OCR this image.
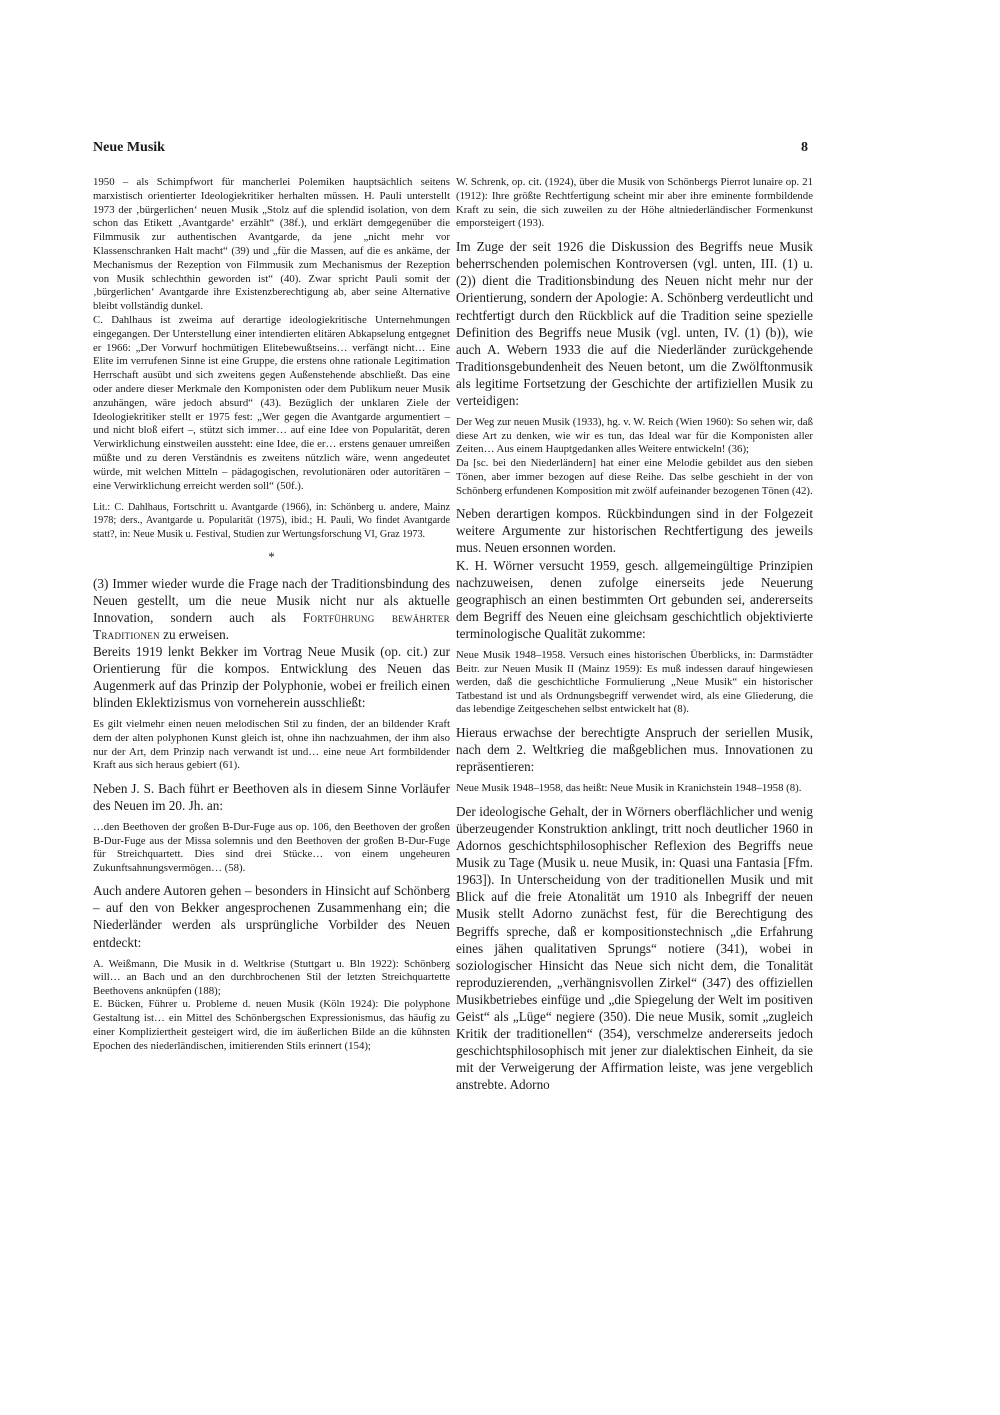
Neue Musik	8

1950 – als Schimpfwort für mancherlei Polemiken hauptsächlich seitens marxistisch orientierter Ideologiekritiker herhalten müssen. H. Pauli unterstellt 1973 der ‚bürgerlichen‘ neuen Musik „Stolz auf die splendid isolation, von dem schon das Etikett ‚Avantgarde‘ erzählt“ (38f.), und erklärt demgegenüber die Filmmusik zur authentischen Avantgarde, da jene „nicht mehr vor Klassenschranken Halt macht“ (39) und „für die Massen, auf die es ankäme, der Mechanismus der Rezeption von Filmmusik zum Mechanismus der Rezeption von Musik schlechthin geworden ist“ (40). Zwar spricht Pauli somit der ‚bürgerlichen‘ Avantgarde ihre Existenzberechtigung ab, aber seine Alternative bleibt vollständig dunkel.

C. Dahlhaus ist zweima auf derartige ideologiekritische Unternehmungen eingegangen. Der Unterstellung einer intendierten elitären Abkapselung entgegnet er 1966: „Der Vorwurf hochmütigen Elitebewußtseins… verfängt nicht… Eine Elite im verrufenen Sinne ist eine Gruppe, die erstens ohne rationale Legitimation Herrschaft ausübt und sich zweitens gegen Außenstehende abschließt. Das eine oder andere dieser Merkmale den Komponisten oder dem Publikum neuer Musik anzuhängen, wäre jedoch absurd“ (43). Bezüglich der unklaren Ziele der Ideologiekritiker stellt er 1975 fest: „Wer gegen die Avantgarde argumentiert – und nicht bloß eifert –, stützt sich immer… auf eine Idee von Popularität, deren Verwirklichung einstweilen aussteht: eine Idee, die er… erstens genauer umreißen müßte und zu deren Verständnis es zweitens nützlich wäre, wenn angedeutet würde, mit welchen Mitteln – pädagogischen, revolutionären oder autoritären – eine Verwirklichung erreicht werden soll“ (50f.).

Lit.: C. Dahlhaus, Fortschritt u. Avantgarde (1966), in: Schönberg u. andere, Mainz 1978; ders., Avantgarde u. Popularität (1975), ibid.; H. Pauli, Wo findet Avantgarde statt?, in: Neue Musik u. Festival, Studien zur Wertungsforschung VI, Graz 1973.

*

(3) Immer wieder wurde die Frage nach der Traditionsbindung des Neuen gestellt, um die neue Musik nicht nur als aktuelle Innovation, sondern auch als Fortführung bewährter Traditionen zu erweisen.

Bereits 1919 lenkt Bekker im Vortrag Neue Musik (op. cit.) zur Orientierung für die kompos. Entwicklung des Neuen das Augenmerk auf das Prinzip der Polyphonie, wobei er freilich einen blinden Eklektizismus von vorneherein ausschließt:

Es gilt vielmehr einen neuen melodischen Stil zu finden, der an bildender Kraft dem der alten polyphonen Kunst gleich ist, ohne ihn nachzuahmen, der ihm also nur der Art, dem Prinzip nach verwandt ist und… eine neue Art formbildender Kraft aus sich heraus gebiert (61).

Neben J. S. Bach führt er Beethoven als in diesem Sinne Vorläufer des Neuen im 20. Jh. an:

…den Beethoven der großen B-Dur-Fuge aus op. 106, den Beethoven der großen B-Dur-Fuge aus der Missa solemnis und den Beethoven der großen B-Dur-Fuge für Streichquartett. Dies sind drei Stücke… von einem ungeheuren Zukunftsahnungsvermögen… (58).

Auch andere Autoren gehen – besonders in Hinsicht auf Schönberg – auf den von Bekker angesprochenen Zusammenhang ein; die Niederländer werden als ursprüngliche Vorbilder des Neuen entdeckt:

A. Weißmann, Die Musik in d. Weltkrise (Stuttgart u. Bln 1922): Schönberg will… an Bach und an den durchbrochenen Stil der letzten Streichquartette Beethovens anknüpfen (188);

E. Bücken, Führer u. Probleme d. neuen Musik (Köln 1924): Die polyphone Gestaltung ist… ein Mittel des Schönbergschen Expressionismus, das häufig zu einer Kompliziertheit gesteigert wird, die im äußerlichen Bilde an die kühnsten Epochen des niederländischen, imitierenden Stils erinnert (154);

W. Schrenk, op. cit. (1924), über die Musik von Schönbergs Pierrot lunaire op. 21 (1912): Ihre größte Rechtfertigung scheint mir aber ihre eminente formbildende Kraft zu sein, die sich zuweilen zu der Höhe altniederländischer Formenkunst emporsteigert (193).

Im Zuge der seit 1926 die Diskussion des Begriffs neue Musik beherrschenden polemischen Kontroversen (vgl. unten, III. (1) u. (2)) dient die Traditionsbindung des Neuen nicht mehr nur der Orientierung, sondern der Apologie: A. Schönberg verdeutlicht und rechtfertigt durch den Rückblick auf die Tradition seine spezielle Definition des Begriffs neue Musik (vgl. unten, IV. (1) (b)), wie auch A. Webern 1933 die auf die Niederländer zurückgehende Traditionsgebundenheit des Neuen betont, um die Zwölftonmusik als legitime Fortsetzung der Geschichte der artifiziellen Musik zu verteidigen:

Der Weg zur neuen Musik (1933), hg. v. W. Reich (Wien 1960): So sehen wir, daß diese Art zu denken, wie wir es tun, das Ideal war für die Komponisten aller Zeiten… Aus einem Hauptgedanken alles Weitere entwickeln! (36);

Da [sc. bei den Niederländern] hat einer eine Melodie gebildet aus den sieben Tönen, aber immer bezogen auf diese Reihe. Das selbe geschieht in der von Schönberg erfundenen Komposition mit zwölf aufeinander bezogenen Tönen (42).

Neben derartigen kompos. Rückbindungen sind in der Folgezeit weitere Argumente zur historischen Rechtfertigung des jeweils mus. Neuen ersonnen worden.

K. H. Wörner versucht 1959, gesch. allgemeingültige Prinzipien nachzuweisen, denen zufolge einerseits jede Neuerung geographisch an einen bestimmten Ort gebunden sei, andererseits dem Begriff des Neuen eine gleichsam geschichtlich objektivierte terminologische Qualität zukomme:

Neue Musik 1948–1958. Versuch eines historischen Überblicks, in: Darmstädter Beitr. zur Neuen Musik II (Mainz 1959): Es muß indessen darauf hingewiesen werden, daß die geschichtliche Formulierung „Neue Musik“ ein historischer Tatbestand ist und als Ordnungsbegriff verwendet wird, als eine Gliederung, die das lebendige Zeitgeschehen selbst entwickelt hat (8).

Hieraus erwachse der berechtigte Anspruch der seriellen Musik, nach dem 2. Weltkrieg die maßgeblichen mus. Innovationen zu repräsentieren:

Neue Musik 1948–1958, das heißt: Neue Musik in Kranichstein 1948–1958 (8).

Der ideologische Gehalt, der in Wörners oberflächlicher und wenig überzeugender Konstruktion anklingt, tritt noch deutlicher 1960 in Adornos geschichtsphilosophischer Reflexion des Begriffs neue Musik zu Tage (Musik u. neue Musik, in: Quasi una Fantasia [Ffm. 1963]). In Unterscheidung von der traditionellen Musik und mit Blick auf die freie Atonalität um 1910 als Inbegriff der neuen Musik stellt Adorno zunächst fest, für die Berechtigung des Begriffs spreche, daß er kompositionstechnisch „die Erfahrung eines jähen qualitativen Sprungs“ notiere (341), wobei in soziologischer Hinsicht das Neue sich nicht dem, die Tonalität reproduzierenden, „verhängnisvollen Zirkel“ (347) des offiziellen Musikbetriebes einfüge und „die Spiegelung der Welt im positiven Geist“ als „Lüge“ negiere (350). Die neue Musik, somit „zugleich Kritik der traditionellen“ (354), verschmelze andererseits jedoch geschichtsphilosophisch mit jener zur dialektischen Einheit, da sie mit der Verweigerung der Affirmation leiste, was jene vergeblich anstrebte. Adorno
